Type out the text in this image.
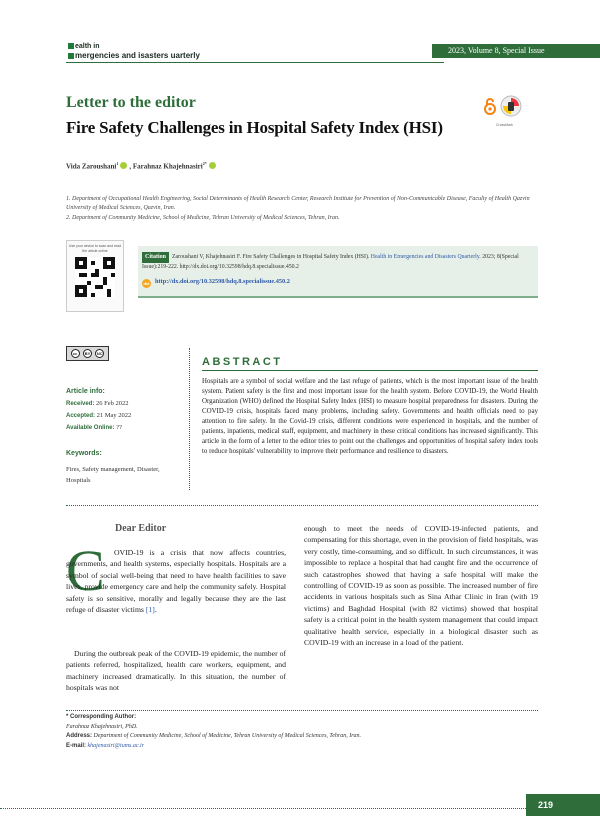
ealth in
mergencies and isasters uarterly
2023, Volume 8, Special Issue
Letter to the editor
Fire Safety Challenges in Hospital Safety Index (HSI)	CrossMark
Vida Zaroushani$^1$ , Farahnaz Khajehnasiri$^{2*}$
1. Department of Occupational Health Engineering, Social Determinants of Health Research Center, Research Institute for Prevention of Non-Communicable Disease, Faculty of Health Qazvin University of Medical Sciences, Qazvin, Iran.
2. Department of Community Medicine, School of Medicine, Tehran University of Medical Sciences, Tehran, Iran.
Use your device to scan and read the article online
Citation Zaroushani V, Khajehnasiri F. Fire Safety Challenges in Hospital Safety Index (HSI). Health in Emergencies and Disasters Quarterly. 2023; 8(Special Issue):219-222. http://dx.doi.org/10.32598/hdq.8.specialissue.450.2
doi http://dx.doi.org/10.32598/hdq.8.specialissue.450.2
cc	BY	NC
Article info:
Received: 26 Feb 2022
Accepted: 21 May 2022
Available Online: ??
Keywords:
Fires, Safety management, Disaster, Hospitals
ABSTRACT
Hospitals are a symbol of social welfare and the last refuge of patients, which is the most important issue of the health system. Patient safety is the first and most important issue for the health system. Before COVID-19, the World Health Organization (WHO) defined the Hospital Safety Index (HSI) to measure hospital preparedness for disasters. During the COVID-19 crisis, hospitals faced many problems, including safety. Governments and health officials need to pay attention to fire safety. In the Covid-19 crisis, different conditions were experienced in hospitals, and the number of patients, inpatients, medical staff, equipment, and machinery in these critical conditions has increased significantly. This article in the form of a letter to the editor tries to point out the challenges and opportunities of hospital safety index tools to reduce hospitals' vulnerability to improve their performance and resilience to disasters.
Dear Editor
C	OVID-19 is a crisis that now affects countries, governments, and health systems, especially hospitals. Hospitals are a symbol of social well-being that need to have health facilities to save lives, provide emergency care and help the community safely. Hospital safety is so sensitive, morally and legally because they are the last refuge of disaster victims [1].
During the outbreak peak of the COVID-19 epidemic, the number of patients referred, hospitalized, health care workers, equipment, and machinery increased dramatically. In this situation, the number of hospitals was not
enough to meet the needs of COVID-19-infected patients, and compensating for this shortage, even in the provision of field hospitals, was very costly, time-consuming, and so difficult. In such circumstances, it was impossible to replace a hospital that had caught fire and the occurrence of such catastrophes showed that having a safe hospital will make the controlling of COVID-19 as soon as possible. The increased number of fire accidents in various hospitals such as Sina Athar Clinic in Iran (with 19 victims) and Baghdad Hospital (with 82 victims) showed that hospital safety is a critical point in the health system management that could impact qualitative health service, especially in a biological disaster such as COVID-19 with an increase in a load of the patient.
* Corresponding Author:
Farahnaz Khajehnasiri, PhD.
Address: Department of Community Medicine, School of Medicine, Tehran University of Medical Sciences, Tehran, Iran.
E-mail: khajenasiri@tums.ac.ir
219
